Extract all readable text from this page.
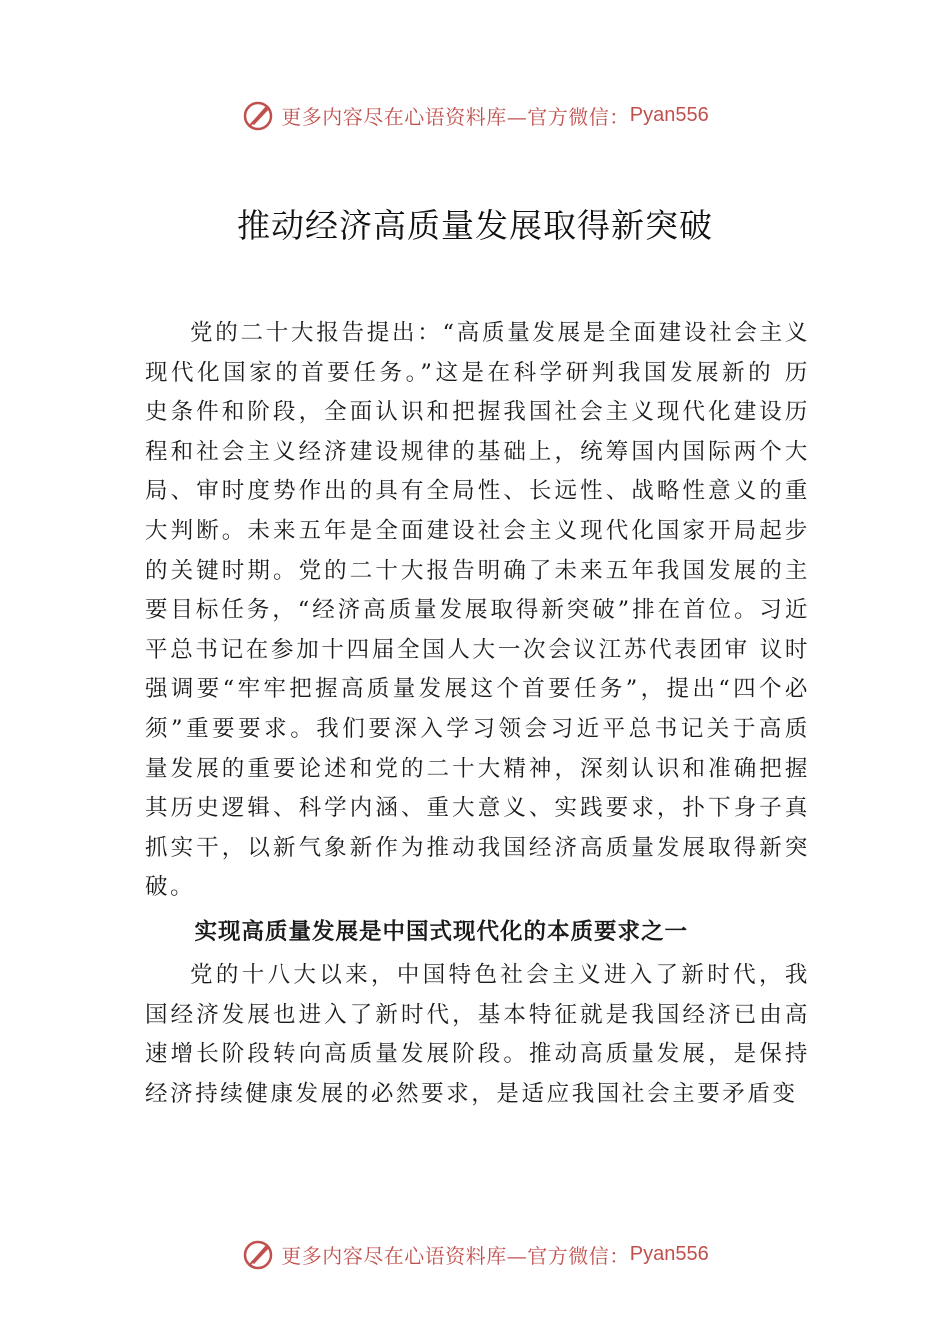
更多内容尽在心语资料库—官方微信： Pyan556
推动经济高质量发展取得新突破

党的二十大报告提出：“高质量发展是全面建设社会主义现代化国家的首要任务。”这是在科学研判我国发展新的 历史条件和阶段，全面认识和把握我国社会主义现代化建设历程和社会主义经济建设规律的基础上，统筹国内国际两个大局、审时度势作出的具有全局性、长远性、战略性意义的重大判断。未来五年是全面建设社会主义现代化国家开局起步的关键时期。党的二十大报告明确了未来五年我国发展的主要目标任务，“经济高质量发展取得新突破”排在首位。习近平总书记在参加十四届全国人大一次会议江苏代表团审 议时强调要“牢牢把握高质量发展这个首要任务”，提出“四个必须”重要要求。我们要深入学习领会习近平总书记关于高质量发展的重要论述和党的二十大精神，深刻认识和准确把握其历史逻辑、科学内涵、重大意义、实践要求，扑下身子真抓实干，以新气象新作为推动我国经济高质量发展取得新突破。

实现高质量发展是中国式现代化的本质要求之一

党的十八大以来，中国特色社会主义进入了新时代，我国经济发展也进入了新时代，基本特征就是我国经济已由高速增长阶段转向高质量发展阶段。推动高质量发展，是保持经济持续健康发展的必然要求，是适应我国社会主要矛盾变

更多内容尽在心语资料库—官方微信： Pyan556
